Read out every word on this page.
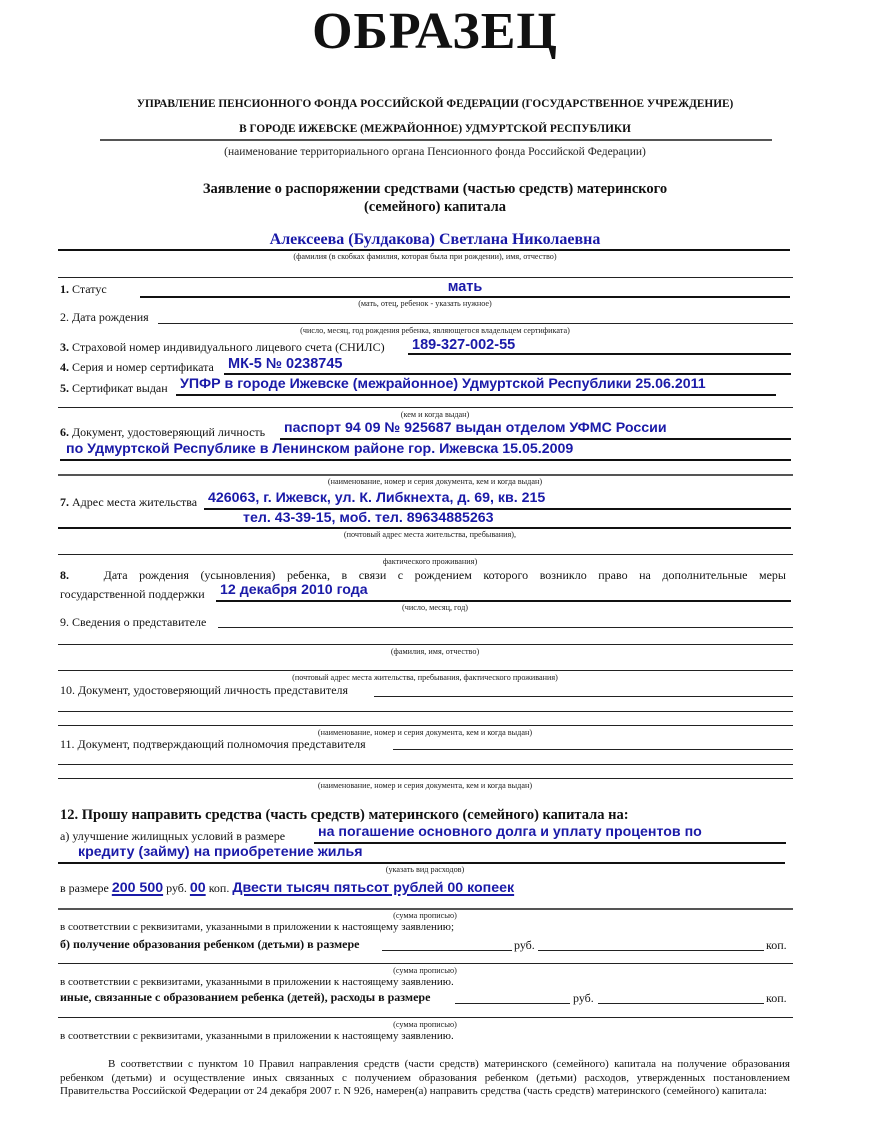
ОБРАЗЕЦ
УПРАВЛЕНИЕ ПЕНСИОННОГО ФОНДА РОССИЙСКОЙ ФЕДЕРАЦИИ (ГОСУДАРСТВЕННОЕ УЧРЕЖДЕНИЕ)
В ГОРОДЕ ИЖЕВСКЕ (МЕЖРАЙОННОЕ) УДМУРТСКОЙ РЕСПУБЛИКИ
(наименование территориального органа Пенсионного фонда Российской Федерации)
Заявление о распоряжении средствами (частью средств) материнского
(семейного) капитала
Алексеева (Булдакова) Светлана Николаевна
(фамилия (в скобках фамилия, которая была при рождении), имя, отчество)
1. Статус	мать
(мать, отец, ребенок - указать нужное)
2. Дата рождения
(число, месяц, год рождения ребенка, являющегося владельцем сертификата)
3. Страховой номер индивидуального лицевого счета (СНИЛС) 189-327-002-55
4. Серия и номер сертификата МК-5 № 0238745
5. Сертификат выдан УПФР в городе Ижевске (межрайонное) Удмуртской Республики 25.06.2011
(кем и когда выдан)
6. Документ, удостоверяющий личность паспорт 94 09 № 925687 выдан отделом УФМС России
по Удмуртской Республике в Ленинском районе гор. Ижевска 15.05.2009
(наименование, номер и серия документа, кем и когда выдан)
7. Адрес места жительства 426063, г. Ижевск, ул. К. Либкнехта, д. 69, кв. 215
тел. 43-39-15, моб. тел. 89634885263
(почтовый адрес места жительства, пребывания),
фактического проживания)
8.	Дата рождения (усыновления) ребенка, в связи с рождением которого возникло право на дополнительные меры
государственной поддержки 12 декабря 2010 года
(число, месяц, год)
9. Сведения о представителе
(фамилия, имя, отчество)
(почтовый адрес места жительства, пребывания, фактического проживания)
10. Документ, удостоверяющий личность представителя
(наименование, номер и серия документа, кем и когда выдан)
11. Документ, подтверждающий полномочия представителя
(наименование, номер и серия документа, кем и когда выдан)
12. Прошу направить средства (часть средств) материнского (семейного) капитала на:
а) улучшение жилищных условий в размере на погашение основного долга и уплату процентов по
кредиту (займу) на приобретение жилья
(указать вид расходов)
в размере 200 500 руб. 00 коп. Двести тысяч пятьсот рублей 00 копеек
(сумма прописью)
в соответствии с реквизитами, указанными в приложении к настоящему заявлению;
б) получение образования ребенком (детьми) в размере	руб.	коп.
(сумма прописью)
в соответствии с реквизитами, указанными в приложении к настоящему заявлению.
иные, связанные с образованием ребенка (детей), расходы в размере	руб.	коп.
(сумма прописью)
в соответствии с реквизитами, указанными в приложении к настоящему заявлению.
В соответствии с пунктом 10 Правил направления средств (части средств) материнского (семейного) капитала на получение образования ребенком (детьми) и осуществление иных связанных с получением образования ребенком (детьми) расходов, утвержденных постановлением Правительства Российской Федерации от 24 декабря 2007 г. N 926, намерен(а) направить средства (часть средств) материнского (семейного) капитала:
